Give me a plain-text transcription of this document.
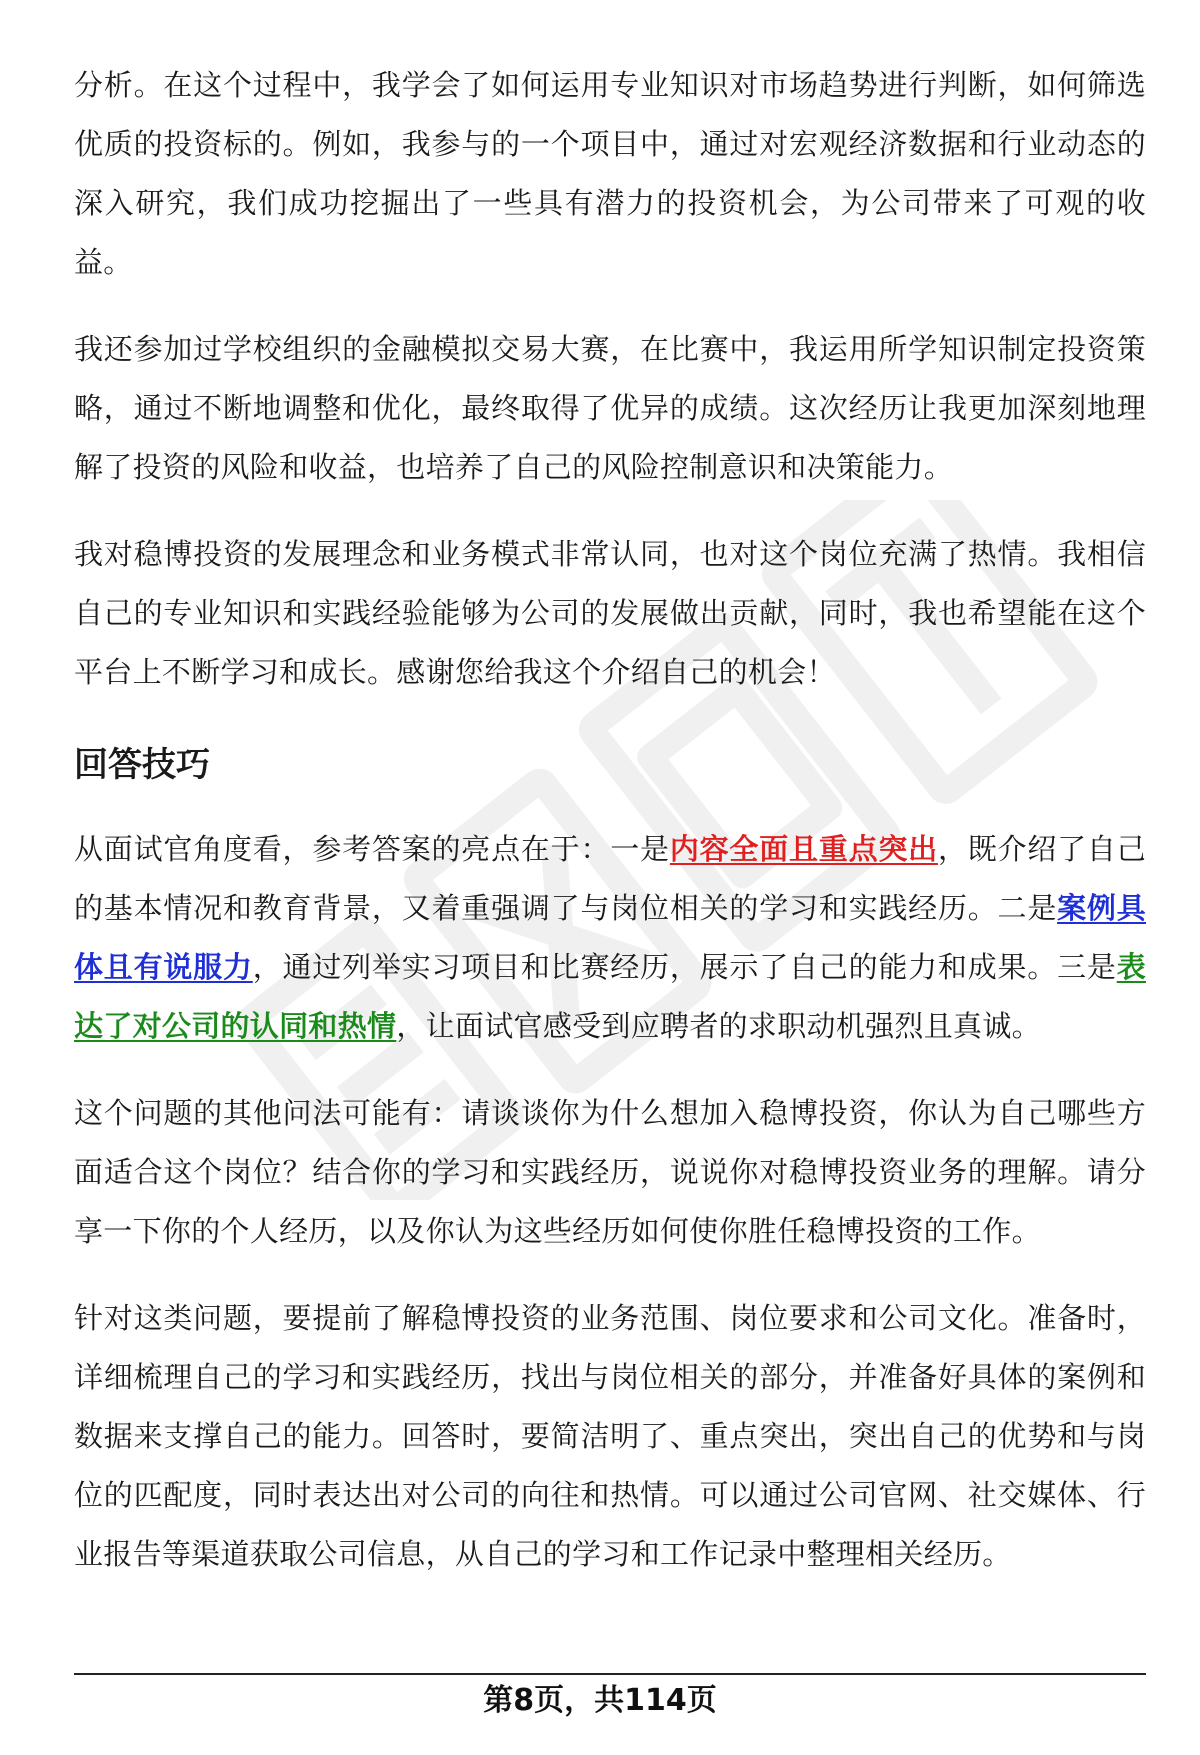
分析。在这个过程中，我学会了如何运用专业知识对市场趋势进行判断，如何筛选优质的投资标的。例如，我参与的一个项目中，通过对宏观经济数据和行业动态的深入研究，我们成功挖掘出了一些具有潜力的投资机会，为公司带来了可观的收益。

我还参加过学校组织的金融模拟交易大赛，在比赛中，我运用所学知识制定投资策略，通过不断地调整和优化，最终取得了优异的成绩。这次经历让我更加深刻地理解了投资的风险和收益，也培养了自己的风险控制意识和决策能力。

我对稳博投资的发展理念和业务模式非常认同，也对这个岗位充满了热情。我相信自己的专业知识和实践经验能够为公司的发展做出贡献，同时，我也希望能在这个平台上不断学习和成长。感谢您给我这个介绍自己的机会！

回答技巧

从面试官角度看，参考答案的亮点在于：一是内容全面且重点突出，既介绍了自己的基本情况和教育背景，又着重强调了与岗位相关的学习和实践经历。二是案例具体且有说服力，通过列举实习项目和比赛经历，展示了自己的能力和成果。三是表达了对公司的认同和热情，让面试官感受到应聘者的求职动机强烈且真诚。

这个问题的其他问法可能有：请谈谈你为什么想加入稳博投资，你认为自己哪些方面适合这个岗位？结合你的学习和实践经历，说说你对稳博投资业务的理解。请分享一下你的个人经历，以及你认为这些经历如何使你胜任稳博投资的工作。

针对这类问题，要提前了解稳博投资的业务范围、岗位要求和公司文化。准备时，详细梳理自己的学习和实践经历，找出与岗位相关的部分，并准备好具体的案例和数据来支撑自己的能力。回答时，要简洁明了、重点突出，突出自己的优势和与岗位的匹配度，同时表达出对公司的向往和热情。可以通过公司官网、社交媒体、行业报告等渠道获取公司信息，从自己的学习和工作记录中整理相关经历。

第8页，共114页
